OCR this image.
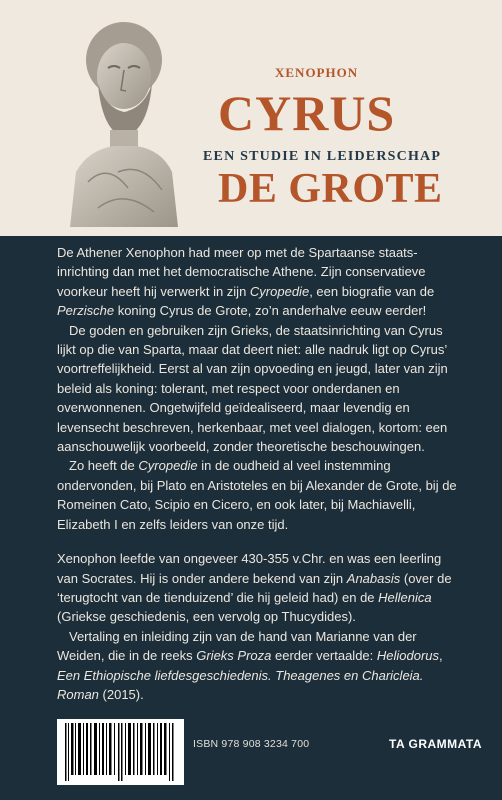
XENOPHON
CYRUS
EEN STUDIE IN LEIDERSCHAP
DE GROTE

De Athener Xenophon had meer op met de Spartaanse staats-inrichting dan met het democratische Athene. Zijn conservatieve voorkeur heeft hij verwerkt in zijn Cyropedie, een biografie van de Perzische koning Cyrus de Grote, zo’n anderhalve eeuw eerder!

De goden en gebruiken zijn Grieks, de staatsinrichting van Cyrus lijkt op die van Sparta, maar dat deert niet: alle nadruk ligt op Cyrus’ voortreffelijkheid. Eerst al van zijn opvoeding en jeugd, later van zijn beleid als koning: tolerant, met respect voor onderdanen en overwonnenen. Ongetwijfeld geïdealiseerd, maar levendig en levensecht beschreven, herkenbaar, met veel dialogen, kortom: een aanschouwelijk voorbeeld, zonder theoretische beschouwingen.

Zo heeft de Cyropedie in de oudheid al veel instemming ondervonden, bij Plato en Aristoteles en bij Alexander de Grote, bij de Romeinen Cato, Scipio en Cicero, en ook later, bij Machiavelli, Elizabeth I en zelfs leiders van onze tijd.

Xenophon leefde van ongeveer 430-355 v.Chr. en was een leerling van Socrates. Hij is onder andere bekend van zijn Anabasis (over de ‘terugtocht van de tienduizend’ die hij geleid had) en de Hellenica (Griekse geschiedenis, een vervolg op Thucydides).

Vertaling en inleiding zijn van de hand van Marianne van der Weiden, die in de reeks Grieks Proza eerder vertaalde: Heliodorus, Een Ethiopische liefdesgeschiedenis. Theagenes en Charicleia. Roman (2015).

ISBN 978 908 3234 700	TA GRAMMATA
